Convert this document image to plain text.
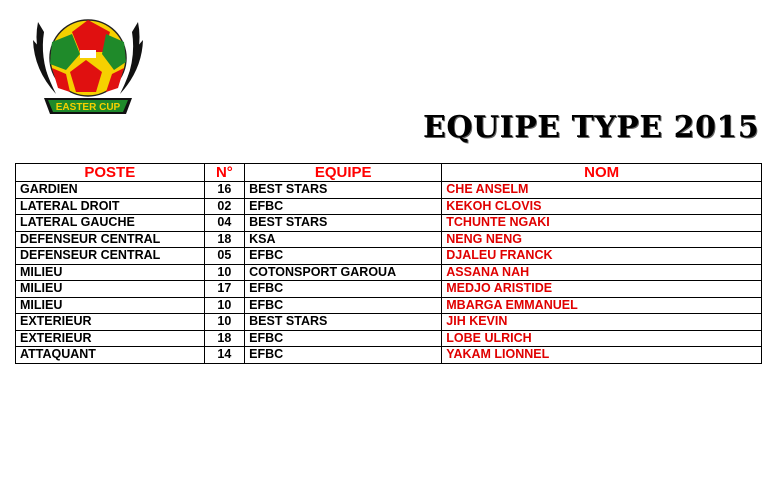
EASTER CUP
EQUIPE TYPE 2015
POSTE	N°	EQUIPE	NOM
GARDIEN	16	BEST STARS	CHE ANSELM
LATERAL DROIT	02	EFBC	KEKOH CLOVIS
LATERAL GAUCHE	04	BEST STARS	TCHUNTE NGAKI
DEFENSEUR CENTRAL	18	KSA	NENG NENG
DEFENSEUR CENTRAL	05	EFBC	DJALEU FRANCK
MILIEU	10	COTONSPORT GAROUA	ASSANA NAH
MILIEU	17	EFBC	MEDJO ARISTIDE
MILIEU	10	EFBC	MBARGA EMMANUEL
EXTERIEUR	10	BEST STARS	JIH KEVIN
EXTERIEUR	18	EFBC	LOBE ULRICH
ATTAQUANT	14	EFBC	YAKAM LIONNEL
